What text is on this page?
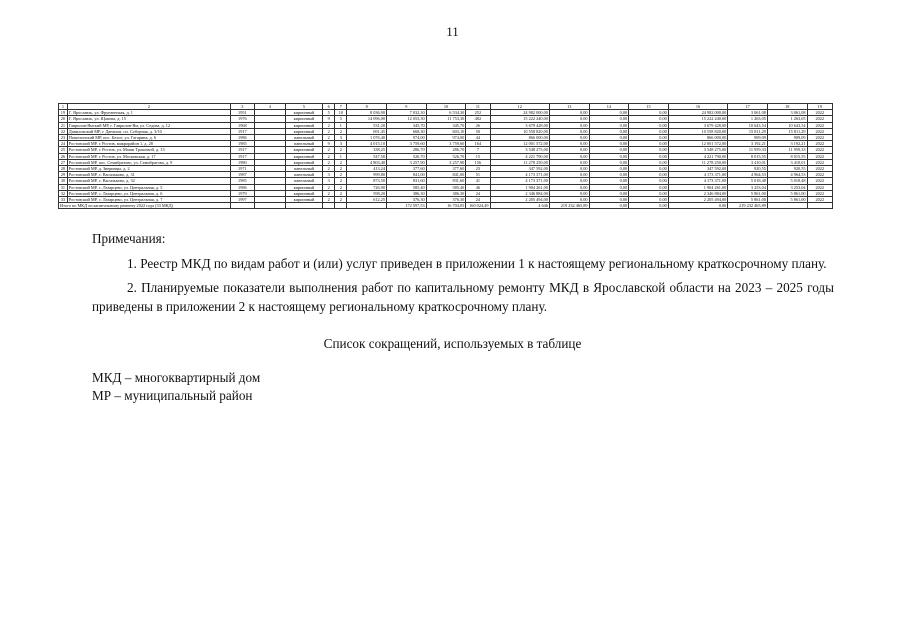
11
1	2	3	4	5	6	7	8	9	10	11	12	13	14	15	16	17	18	19
19	Г. Ярославль, ул. Фрунзенская, д. 1	1951		кирпичный	5	10	8 036,90	7 032,30	6 534,30	252	24 982 000,00	0,00	0,00	0,00	24 982 000,00	3 061,08	3 061,08	2022
20	Г. Ярославль, ул. Щапова, д. 15	1976		кирпичный	9	5	14 096,00	12 053,30	11 753,30	482	15 222 240,00	0,00	0,00	0,00	15 222 240,00	1 263,05	1 263,05	2022
21	Гаврилов-Ямский МР, г. Гаврилов-Ям, ул. Седова, д. 12	1968		кирпичный	2	1	531,20	345,70	345,70	26	3 679 428,00	0,00	0,00	0,00	3 679 428,00	10 643,54	10 643,54	2022
22	Даниловский МР, г. Данилов, пл. Соборная, д. 3/10	1917		кирпичный	2	2	691,45	668,30	603,10	50	10 558 820,00	0,00	0,00	0,00	10 558 820,00	15 811,29	15 811,29	2022
23	Пошехонский МР, пос. Белое, ул. Гагарина, д. 6	1986		панельный	2	3	1 076,40	974,00	974,00	44	866 000,00	0,00	0,00	0,00	866 000,00	909,09	909,09	2022
24	Ростовский МР, г. Ростов, микрорайон 1, д. 28	1985		панельный	9	3	4 015,10	3 759,60	3 759,60	164	12 001 572,00	0,00	0,00	0,00	12 001 572,00	3 192,21	3 192,21	2022
25	Ростовский МР, г. Ростов, ул. Маши Трошевой, д. 13	1917		кирпичный	2	2	338,25	286,70	286,70	7	3 548 275,00	0,00	0,00	0,00	3 548 275,00	11 959,33	11 959,33	2022
26	Ростовский МР, г. Ростов, ул. Московская, д. 17	1917		кирпичный	2	1	547,50	526,70	526,70	15	4 221 790,00	0,00	0,00	0,00	4 221 790,00	8 015,55	8 015,55	2022
27	Ростовский МР, пос. Семибратово, ул. Семибратова, д. 9	1980		кирпичный	2	2	4 803,40	3 257,90	3 257,90	156	11 278 250,00	0,00	0,00	0,00	11 278 250,00	3 410,01	3 410,01	2022
28	Ростовский МР, д. Зверинцы, д. 2	1971		панельный	2	2	413,24	377,60	377,60	23	347 592,00	0,00	0,00	0,00	347 592,00	920,55	920,55	2022
29	Ростовский МР, с. Васильково, д. 31	1987		панельный	3	2	999,80	841,00	841,00	51	4 173 371,00	0,00	0,00	0,00	4 173 371,00	4 964,53	4 964,53	2022
30	Ростовский МР, с. Васильково, д. 32	1985		панельный	3	2	873,50	831,60	831,60	41	4 173 371,00	0,00	0,00	0,00	4 173 371,00	5 018,48	5 018,48	2022
31	Ростовский МР, с. Лазарцево, ул. Центральная, д. 5	1986		кирпичный	2	2	726,90	585,40	585,40	46	1 904 261,00	0,00	0,00	0,00	1 904 261,00	3 253,04	3 253,04	2022
32	Ростовский МР, с. Лазарцево, ул. Центральная, д. 6	1979		кирпичный	2	2	598,20	386,30	386,30	24	2 346 884,00	0,00	0,00	0,00	2 346 884,00	5 861,00	5 861,00	2022
33	Ростовский МР, с. Лазарцево, ул. Центральная, д. 7	1997		кирпичный	2	2	612,25	376,30	376,30	24	2 205 494,00	0,00	0,00	0,00	2 205 494,00	5 861,00	5 861,00	2022
Итого по МКД on капитальному ремонту 2022 года (33 МКД)								172 597,53	16 704,05	160 024,49	4 646	219 232 465,89	0,00	0,00	0,00	219 232 465,89		

Примечания:

1. Реестр МКД по видам работ и (или) услуг приведен в приложении 1 к настоящему региональному краткосрочному плану.

2. Планируемые показатели выполнения работ по капитальному ремонту МКД в Ярославской области на 2023 – 2025 годы приведены в приложении 2 к настоящему региональному краткосрочному плану.

Список сокращений, используемых в таблице
МКД – многоквартирный дом
МР – муниципальный район
